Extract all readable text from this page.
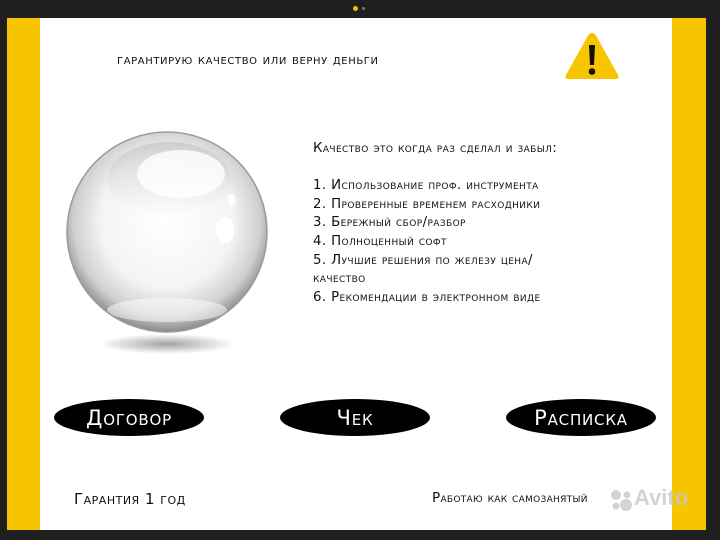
гарантирую качество или верну деньги
Качество это когда раз сделал и забыл:
1. Использование проф. инструмента
2. Проверенные временем расходники
3. Бережный сбор/разбор
4. Полноценный софт
5. Лучшие решения по железу цена/качество
6. Рекомендации в электронном виде
Договор	Чек	Расписка
Гарантия 1 год	Работаю как самозанятый Avito
